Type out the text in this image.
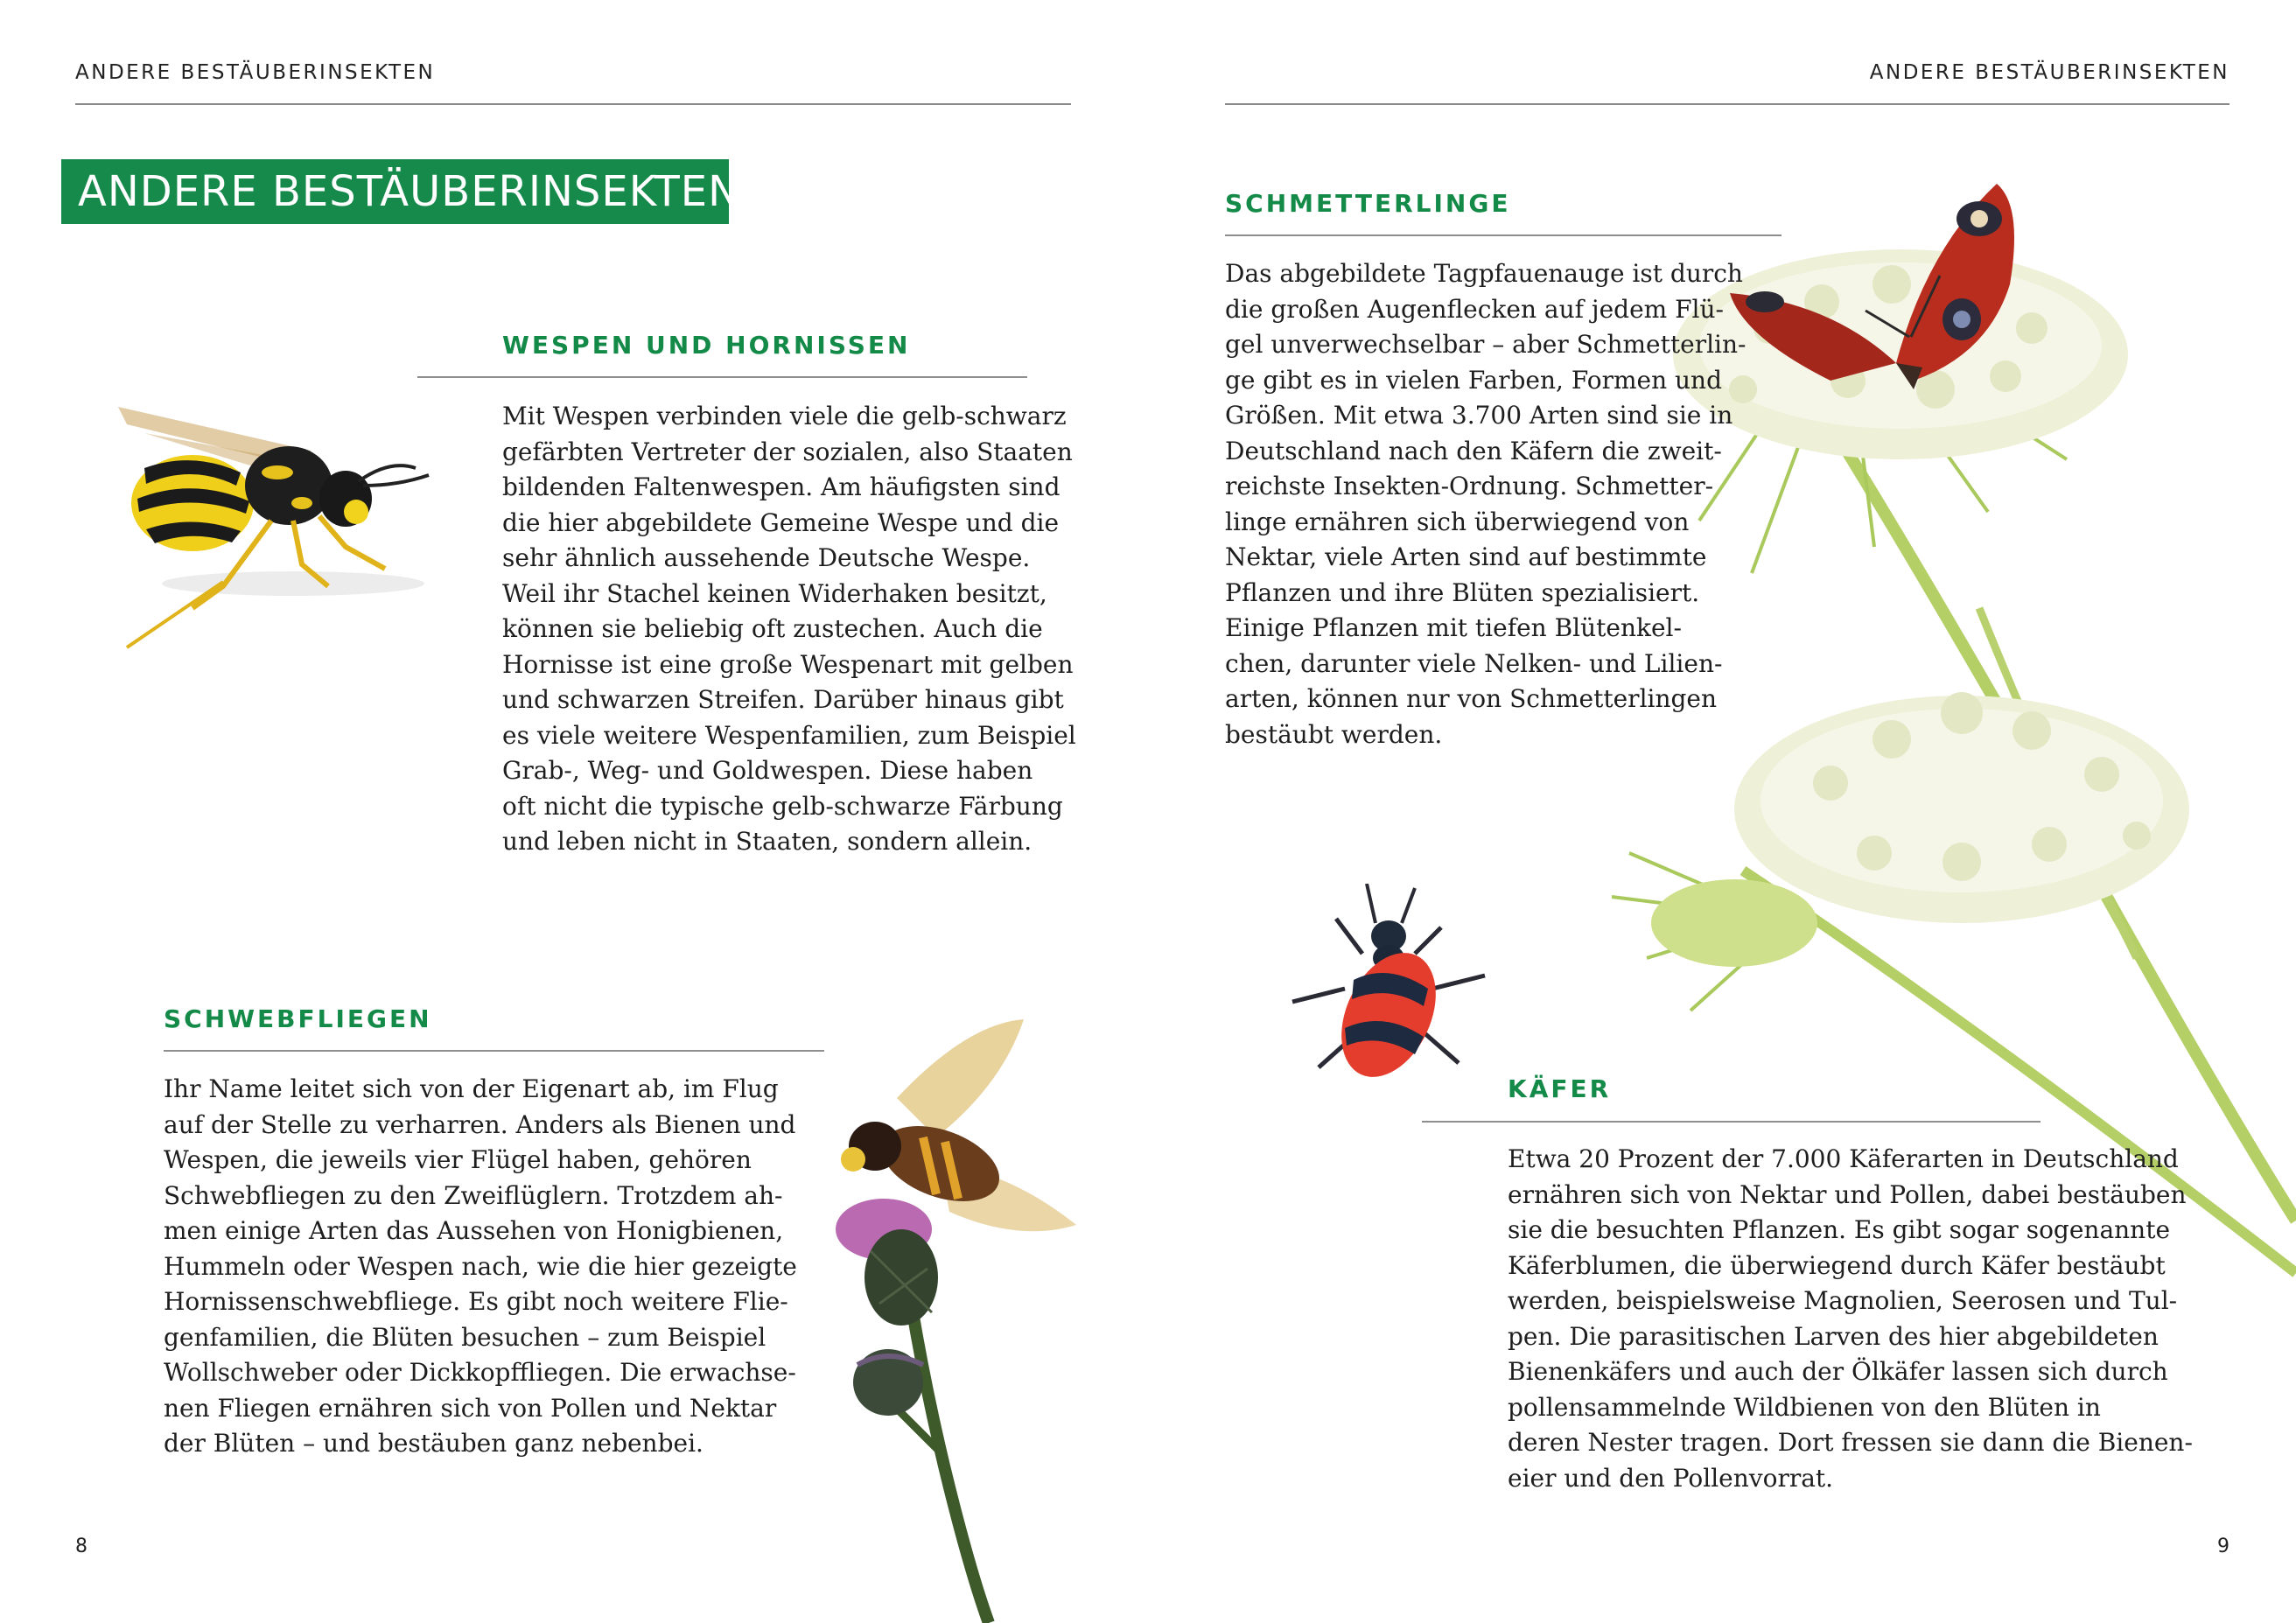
ANDERE BESTÄUBERINSEKTEN
ANDERE BESTÄUBERINSEKTEN
WESPEN UND HORNISSEN
Mit Wespen verbinden viele die gelb-schwarz
gefärbten Vertreter der sozialen, also Staaten
bildenden Faltenwespen. Am häufigsten sind
die hier abgebildete Gemeine Wespe und die
sehr ähnlich aussehende Deutsche Wespe.
Weil ihr Stachel keinen Widerhaken besitzt,
können sie beliebig oft zustechen. Auch die
Hornisse ist eine große Wespenart mit gelben
und schwarzen Streifen. Darüber hinaus gibt
es viele weitere Wespenfamilien, zum Beispiel
Grab-, Weg- und Goldwespen. Diese haben
oft nicht die typische gelb-schwarze Färbung
und leben nicht in Staaten, sondern allein.
SCHWEBFLIEGEN
Ihr Name leitet sich von der Eigenart ab, im Flug
auf der Stelle zu verharren. Anders als Bienen und
Wespen, die jeweils vier Flügel haben, gehören
Schwebfliegen zu den Zweiflüglern. Trotzdem ah-
men einige Arten das Aussehen von Honigbienen,
Hummeln oder Wespen nach, wie die hier gezeigte
Hornissenschwebfliege. Es gibt noch weitere Flie-
genfamilien, die Blüten besuchen – zum Beispiel
Wollschweber oder Dickkopffliegen. Die erwachse-
nen Fliegen ernähren sich von Pollen und Nektar
der Blüten – und bestäuben ganz nebenbei.
8
ANDERE BESTÄUBERINSEKTEN
SCHMETTERLINGE
Das abgebildete Tagpfauenauge ist durch
die großen Augenflecken auf jedem Flü-
gel unverwechselbar – aber Schmetterlin-
ge gibt es in vielen Farben, Formen und
Größen. Mit etwa 3.700 Arten sind sie in
Deutschland nach den Käfern die zweit-
reichste Insekten-Ordnung. Schmetter-
linge ernähren sich überwiegend von
Nektar, viele Arten sind auf bestimmte
Pflanzen und ihre Blüten spezialisiert.
Einige Pflanzen mit tiefen Blütenkel-
chen, darunter viele Nelken- und Lilien-
arten, können nur von Schmetterlingen
bestäubt werden.
KÄFER
Etwa 20 Prozent der 7.000 Käferarten in Deutschland
ernähren sich von Nektar und Pollen, dabei bestäuben
sie die besuchten Pflanzen. Es gibt sogar sogenannte
Käferblumen, die überwiegend durch Käfer bestäubt
werden, beispielsweise Magnolien, Seerosen und Tul-
pen. Die parasitischen Larven des hier abgebildeten
Bienenkäfers und auch der Ölkäfer lassen sich durch
pollensammelnde Wildbienen von den Blüten in
deren Nester tragen. Dort fressen sie dann die Bienen-
eier und den Pollenvorrat.
9
